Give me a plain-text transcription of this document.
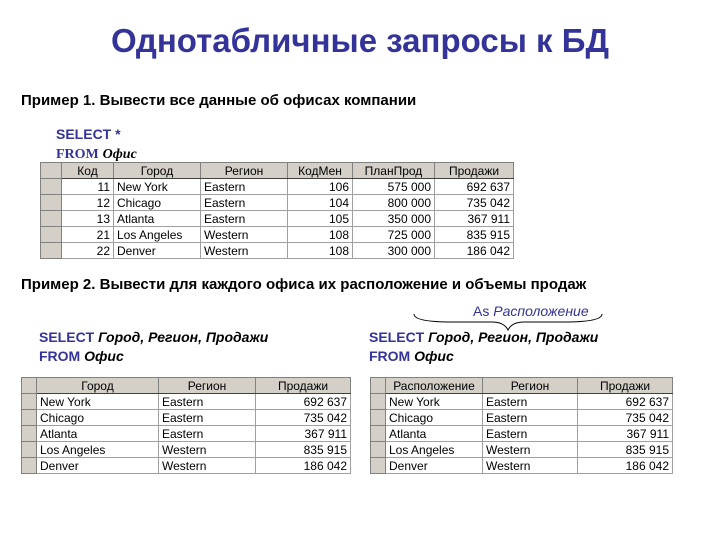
Однотабличные запросы к БД
Пример 1. Вывести все данные об офисах компании
SELECT *
FROM Офис
	Код	Город	Регион	КодМен	ПланПрод	Продажи
	11	New York	Eastern	106	575 000	692 637
	12	Chicago	Eastern	104	800 000	735 042
	13	Atlanta	Eastern	105	350 000	367 911
	21	Los Angeles	Western	108	725 000	835 915
	22	Denver	Western	108	300 000	186 042
Пример 2. Вывести для каждого офиса их расположение и объемы продаж
As Расположение
SELECT Город, Регион, Продажи
FROM Офис
SELECT Город, Регион, Продажи
FROM Офис
	Город	Регион	Продажи
	New York	Eastern	692 637
	Chicago	Eastern	735 042
	Atlanta	Eastern	367 911
	Los Angeles	Western	835 915
	Denver	Western	186 042
	Расположение	Регион	Продажи
	New York	Eastern	692 637
	Chicago	Eastern	735 042
	Atlanta	Eastern	367 911
	Los Angeles	Western	835 915
	Denver	Western	186 042
